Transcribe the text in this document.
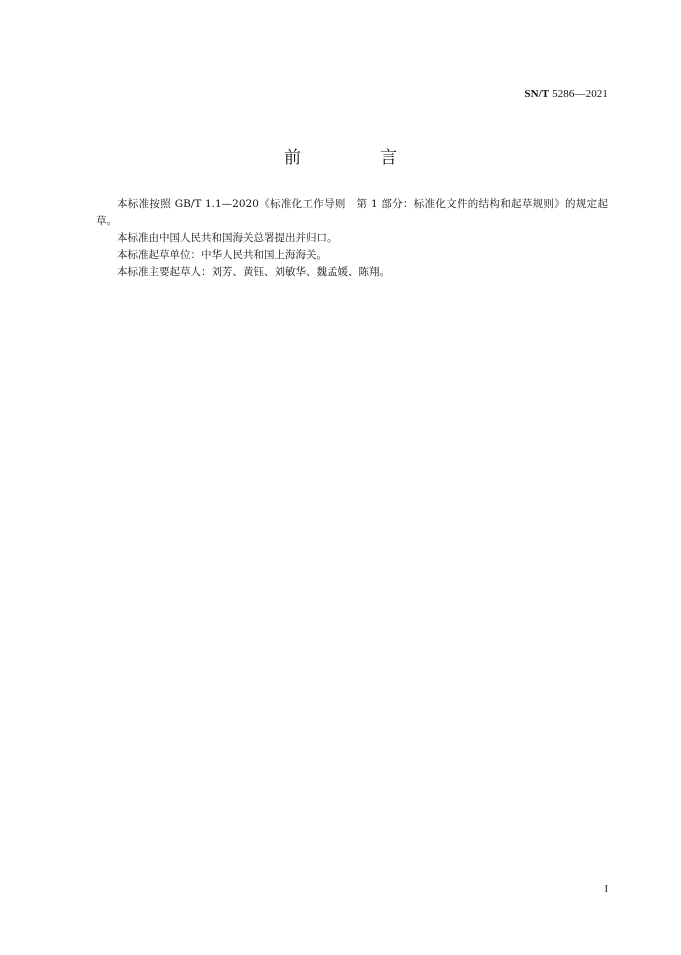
SN/T 5286—2021
前　言

本标准按照 GB/T 1.1—2020《标准化工作导则　第 1 部分：标准化文件的结构和起草规则》的规定起草。

本标准由中国人民共和国海关总署提出并归口。

本标准起草单位：中华人民共和国上海海关。

本标准主要起草人：刘芳、黄钰、刘敏华、魏孟媛、陈翔。

I
